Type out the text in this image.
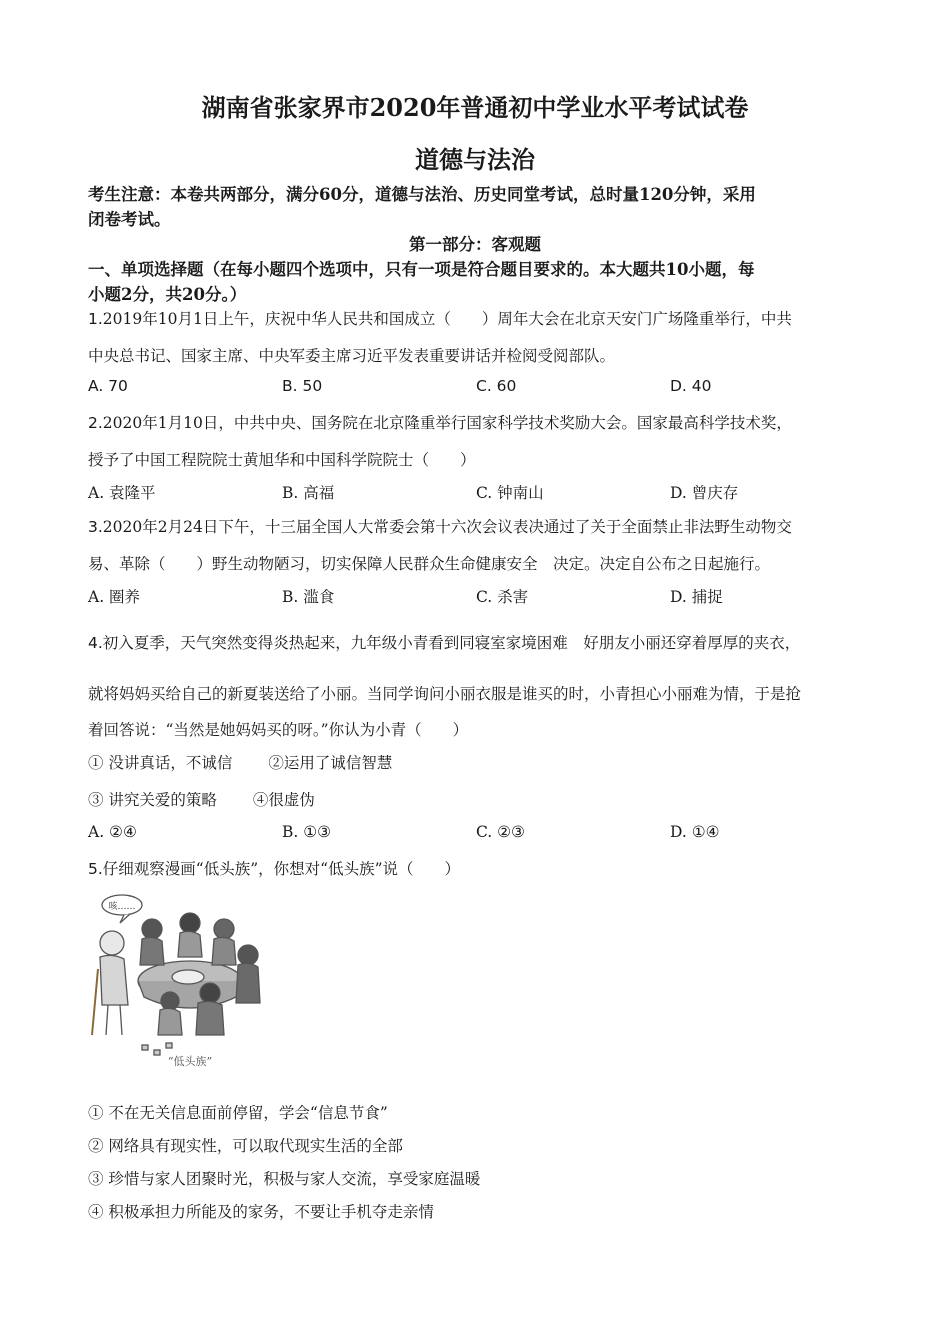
湖南省张家界市2020年普通初中学业水平考试试卷
道德与法治
考生注意：本卷共两部分，满分60分，道德与法治、历史同堂考试，总时量120分钟，采用
闭卷考试。
第一部分：客观题
一、单项选择题（在每小题四个选项中，只有一项是符合题目要求的。本大题共10小题，每
小题2分，共20分。）
1.2019年10月1日上午，庆祝中华人民共和国成立（　　）周年大会在北京天安门广场隆重举行，中共
中央总书记、国家主席、中央军委主席习近平发表重要讲话并检阅受阅部队。
A. 70	B. 50	C. 60	D. 40
2.2020年1月10日，中共中央、国务院在北京隆重举行国家科学技术奖励大会。国家最高科学技术奖，
授予了中国工程院院士黄旭华和中国科学院院士（　　）
A. 袁隆平	B. 高福	C. 钟南山	D. 曾庆存
3.2020年2月24日下午，十三届全国人大常委会第十六次会议表决通过了关于全面禁止非法野生动物交
易、革除（　　）野生动物陋习，切实保障人民群众生命健康安全　决定。决定自公布之日起施行。
A. 圈养	B. 滥食	C. 杀害	D. 捕捉
4.初入夏季，天气突然变得炎热起来，九年级小青看到同寝室家境困难　好朋友小丽还穿着厚厚的夹衣，
就将妈妈买给自己的新夏装送给了小丽。当同学询问小丽衣服是谁买的时，小青担心小丽难为情，于是抢
着回答说：“当然是她妈妈买的呀。”你认为小青（　　）
① 没讲真话，不诚信　　 ②运用了诚信智慧
③ 讲究关爱的策略　　 ④很虚伪
A. ②④	B. ①③	C. ②③	D. ①④
5.仔细观察漫画“低头族”，你想对“低头族”说（　　）
咳……
“低头族”
① 不在无关信息面前停留，学会“信息节食”
② 网络具有现实性，可以取代现实生活的全部
③ 珍惜与家人团聚时光，积极与家人交流，享受家庭温暖
④ 积极承担力所能及的家务，不要让手机夺走亲情
